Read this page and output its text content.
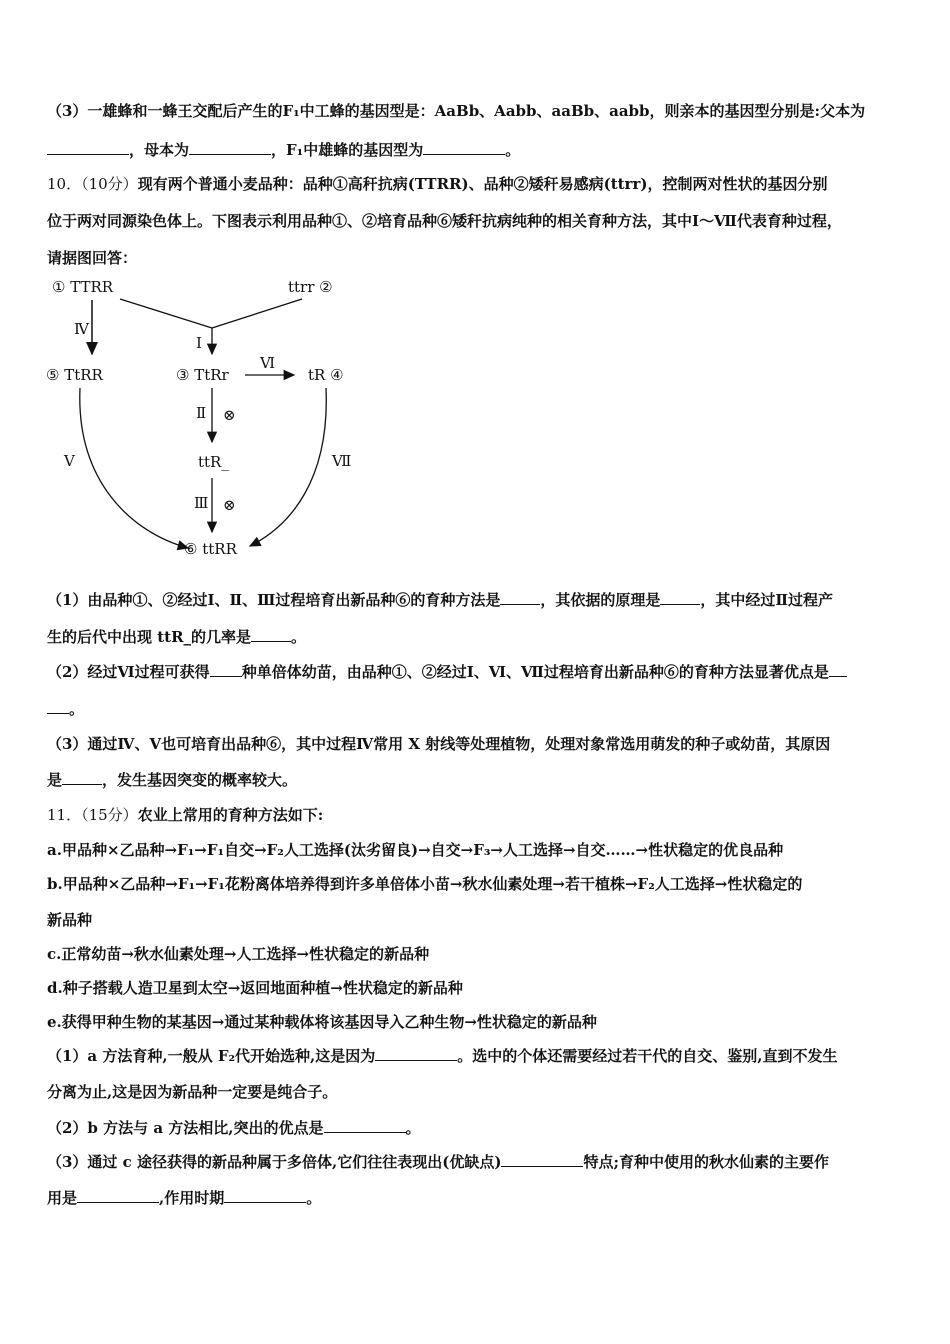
（3）一雄蜂和一蜂王交配后产生的F₁中工蜂的基因型是：AaBb、Aabb、aaBb、aabb，则亲本的基因型分别是:父本为
，母本为	，F₁中雄蜂的基因型为	。
10．（10分）现有两个普通小麦品种：品种①高秆抗病(TTRR)、品种②矮秆易感病(ttrr)，控制两对性状的基因分别
位于两对同源染色体上。下图表示利用品种①、②培育品种⑥矮秆抗病纯种的相关育种方法，其中Ⅰ～Ⅶ代表育种过程，
请据图回答：
① TTRR	ttrr ②
Ⅰ
Ⅳ
⑤ TtRR	③ TtRr	tR ④
Ⅵ
Ⅱ ⊗
ttR_
Ⅲ ⊗
⑥ ttRR
Ⅴ	Ⅶ
（1）由品种①、②经过Ⅰ、Ⅱ、Ⅲ过程培育出新品种⑥的育种方法是	，其依据的原理是	，其中经过Ⅱ过程产
生的后代中出现 ttR_的几率是	。
（2）经过Ⅵ过程可获得 种单倍体幼苗，由品种①、②经过Ⅰ、Ⅵ、Ⅶ过程培育出新品种⑥的育种方法显著优点是
。
（3）通过Ⅳ、Ⅴ也可培育出品种⑥，其中过程Ⅳ常用 X 射线等处理植物，处理对象常选用萌发的种子或幼苗，其原因
是	，发生基因突变的概率较大。
11．（15分）农业上常用的育种方法如下:
a.甲品种×乙品种→F₁→F₁自交→F₂人工选择(汰劣留良)→自交→F₃→人工选择→自交……→性状稳定的优良品种
b.甲品种×乙品种→F₁→F₁花粉离体培养得到许多单倍体小苗→秋水仙素处理→若干植株→F₂人工选择→性状稳定的
新品种
c.正常幼苗→秋水仙素处理→人工选择→性状稳定的新品种
d.种子搭载人造卫星到太空→返回地面种植→性状稳定的新品种
e.获得甲种生物的某基因→通过某种载体将该基因导入乙种生物→性状稳定的新品种
（1）a 方法育种,一般从 F₂代开始选种,这是因为	。选中的个体还需要经过若干代的自交、鉴别,直到不发生
分离为止,这是因为新品种一定要是纯合子。
（2）b 方法与 a 方法相比,突出的优点是	。
（3）通过 c 途径获得的新品种属于多倍体,它们往往表现出(优缺点)	特点;育种中使用的秋水仙素的主要作
用是	,作用时期	。
